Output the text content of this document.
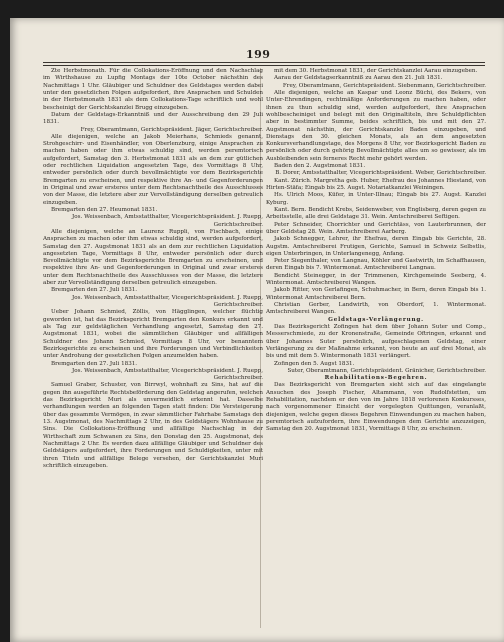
199

Zte Herbstmonath. Für die Collokations-Eröffnung und den Nachschlag im Wirthshause zu Lupfig Montags der 10te October nächsthin des Nachmittags 1 Uhr. Gläubiger und Schuldner des Geldstages werden dabei unter den gesetzlichen Folgen aufgefordert, ihre Ansprachen und Schulden in der Herbstmonath 1831 als dem Collokations-Tage schriftlich und wohl bescheinigt der Gerichtskanzlei Brugg einzugeben.

Datum der Geldstags-Erkanntniß und der Ausschreibung den 29 Juli 1831.

Frey, Oberamtmann, Gerichtspräsident. Jäger, Gerichtschreiber.

Alle diejenigen, welche an Jakob Meierhans, Schmieds genannt, Strohgeschirr- und Eisenhändler, von Oberlenzburg, einige Ansprachen zu machen haben oder ihm etwas schuldig sind, werden peremtorisch aufgefordert, Samstag den 3. Herbstmonat 1831 als an dem zur gütlichen oder rechtlichen Liquidation angesetzten Tage, des Vormittags 8 Uhr, entweder persönlich oder durch bevollmächtigte vor dem Bezirksgerichte Bremgarten zu erscheinen, und respektive ihre An- und Gegenforderungen in Original und zwar ersteres unter dem Rechtsnachtheile des Ausschlusses von der Masse, die letztere aber zur Vervollständigung derselben getreulich einzugeben.

Bremgarten den 27. Heumonat 1831.

Jos. Weissenbach, Amtsstatthalter, Vicegerichtspräsident. J. Ruepp, Gerichtschreiber.

Alle diejenigen, welche an Laurenz Ruppli, von Fischbach, einige Ansprachen zu machen oder ihm etwas schuldig sind, werden aufgefordert, Samstag den 27. Augstmonat 1831 als an dem zur rechtlichen Liquidation angesetzten Tage, Vormittags 8 Uhr, entweder persönlich oder durch Bevollmächtigte vor dem Bezirksgerichte Bremgarten zu erscheinen, und respektive ihre An- und Gegenforderungen in Original und zwar ersteres unter dem Rechtsnachtheile des Ausschlusses von der Masse, die letztere aber zur Vervollständigung derselben getreulich einzugeben.

Bremgarten den 27. Juli 1831.

Jos. Weissenbach, Amtsstatthalter, Vicegerichtspräsident. J. Ruepp, Gerichtschreiber.

Ueber Johann Schmied, Zöllis, von Hägglingen, welcher flüchtig geworden ist, hat das Bezirksgericht Bremgarten den Konkurs erkannt und als Tag zur geldstäglichen Verhandlung angesetzt, Samstag den 27. Augstmonat 1831, wobei die sämmtlichen Gläubiger und allfälligen Schuldner des Johann Schmied, Vormittags 8 Uhr, vor benanntem Bezirksgerichte zu erscheinen und ihre Forderungen und Verbindlichkeiten unter Androhung der gesetzlichen Folgen anzumelden haben.

Bremgarten den 27. Juli 1831.

Jos. Weissenbach, Amtsstatthalter, Vicegerichtspräsident. J. Ruepp, Gerichtschreiber.

Samuel Graber, Schuster, von Birrwyl, wohnhaft zu Sins, hat auf die gegen ihn ausgeführte Rechtsbeförderung den Geldstag angerufen, welchen das Bezirksgericht Muri als unvermeidlich erkennt hat. Dasselbe verhandlungen werden an folgenden Tagen statt finden: Die Versteigerung über das gesammte Vermögen, in zwar sämmtlicher Fahrhabe Samstags den 13. Augstmonat, des Nachmittags 2 Uhr, in des Geldstägers Wohnhause zu Sins. Die Collokations-Eröffnung und allfällige Nachschlag in der Wirthschaft zum Schwanen zu Sins, den Donstag den 25. Augstmonat, des Nachmittags 2 Uhr. Es werden dazu allfällige Gläubiger und Schuldner des Geldstägers aufgefordert, ihre Forderungen und Schuldigkeiten, unter mit ihren Titeln und allfällige Belege versehen, der Gerichtskanzlei Muri schriftlich einzugeben.

mit dem 30. Herbstmonat 1831, der Gerichtskanzlei Aarau einzugeben.

Aarau der Geldstagserkanntniß zu Aarau den 21. Juli 1831.

Frey, Oberamtmann, Gerichtspräsident. Siebenmann, Gerichtschreiber.

Alle diejenigen, welche an Kaspar und Leonz Büchi, des Bekers, von Unter-Ehrendingen, rechtmäßige Anforderungen zu machen haben, oder ihnen zu thun schuldig sind, werden aufgefordert, ihre Ansprachen wohlbescheiniget und belegt mit den Originaltiteln, ihre Schuldpflichten aber in bestimmter Summe, beides schriftlich, bis und mit den 27. Augstmonat nächsthin, der Gerichtskanzlei Baden einzugeben, und Dienstags den 30. gleichen Monats, als an dem angesetzten Konkursverhandlungstage, des Morgens 8 Uhr, vor Bezirksgericht Baden zu persönlich oder durch gehörig Bevollmächtigte alles um so gewisser, als im Ausbleibenden sein ferneres Recht mehr gehört werden.

Baden den 2. Augstmonat 1831.

B. Dorer, Amtsstatthalter, Vicegerichtspräsident. Weber, Gerichtschreiber.

Kant. Zürich. Margretha geb. Huber, Ehefrau des Johannes Hiestand, von Hirten-Stäfa; Eingab bis 25. Augst. Notariatkanzlei Weiningen.

Hs. Ulrich Moos, Küfer, in Unter-Illnau; Eingab bis 27. Augst. Kanzlei Kyburg.

Kant. Bern. Bendicht Krebs, Seidenweber, von Englisberg, deren gegen zu Arbeitsstelle, alle drei Geldstage 31. Wein. Amtschreiberei Seftigen.

Peter Schneider, Chorrichter und Gerichtäss, von Lauterbrunnen, der über Geldstag 28. Wein. Amtschreiberei Aarberg.

Jakob Schnegger, Lehrer, ihr Ehefrau, deren Eingab bis Gerichte, 28. Augstm. Amtschreiberei Frutigen, Gerichte, Samuel in Schweiz Selbstlis, eigen Unterbringen, in Unterlangenegg, Anfang.

Peter Siegenthaler, von Langnau, Köhler und Gastwirth, im Schaffhausen, deren Eingab bis 7. Wintermonat. Amtschreiberei Langnau.

Bendicht Steinegger, in der Trimmenen, Kirchgemeinde Seeberg, 4. Wintermonat. Amtschreiberei Wangen.

Jakob Ritter, von Gerlafingen, Schuhmacher, in Bern, deren Eingab bis 1. Wintermonat Amtschreiberei Bern.

Christian Gerber, Landwirth, von Oberdorf, 1. Wintermonat. Amtschreiberei Wangen.

Geldstags-Verlängerung.

Das Bezirksgericht Zofingen hat dem über Johann Suter und Comp., Messerschmiede, zu der Kronenstraße, Gemeinde Oftringen, erkannt und über Johannes Suter persönlich, aufgeschlagenen Geldstag, einer Verlängerung zu der Maßnahme erkannt, von heute an auf drei Monat, als bis und mit dem 5. Wintermonath 1831 verlängert.

Zofingen den 5. Augst 1831.

Suter, Oberamtmann, Gerichtspräsident. Gränicher, Gerichtschreiber.

Rehabilitations-Begehren.

Das Bezirksgericht von Bremgarten sieht sich auf das eingelangte Ansuchen des Joseph Fischer, Altammann, von Rudolfstetten, um Rehabilitation, nachdem er den von im Jahre 1818 verlorenen Konkursses, nach vorgenommener Einsicht der vorgelegten Quittungen, veranlaßt, diejenigen, welche gegen dieses Begehren Einwendungen zu machen haben, peremtorisch aufzufordern, ihre Einwendungen dem Gerichte anzuzeigen, Samstag den 20. Augstmonat 1831, Vormittags 8 Uhr, zu erscheinen.
